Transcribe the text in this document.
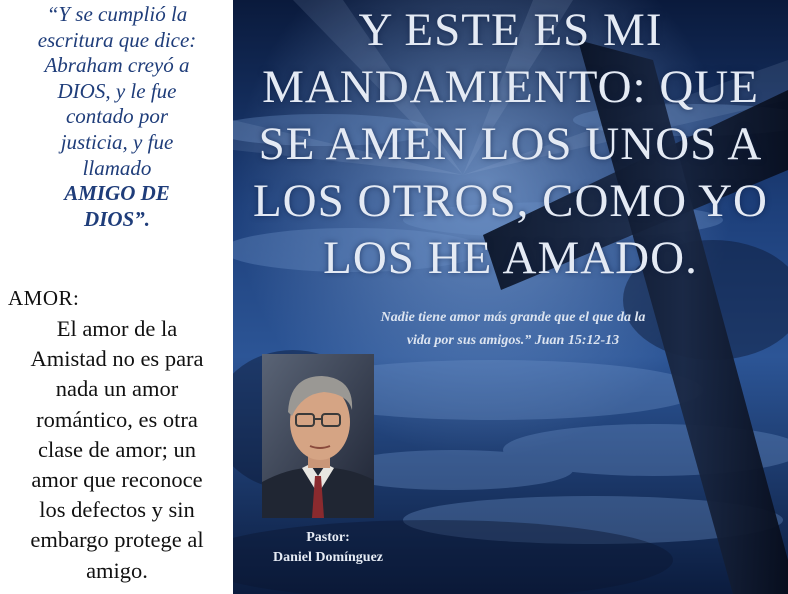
“Y se cumplió la
escritura que dice:
Abraham creyó a
DIOS, y le fue
contado por
justicia, y fue
llamado
AMIGO DE
DIOS”.
AMOR:
El amor de la
Amistad no es para
nada un amor
romántico, es otra
clase de amor; un
amor que reconoce
los defectos y sin
embargo protege al
amigo.
Y ESTE ES MI
MANDAMIENTO: QUE
SE AMEN LOS UNOS A
LOS OTROS, COMO YO
LOS HE AMADO.
Nadie tiene amor más grande que el que da la
vida por sus amigos.” Juan 15:12-13
Pastor:
Daniel Domínguez
